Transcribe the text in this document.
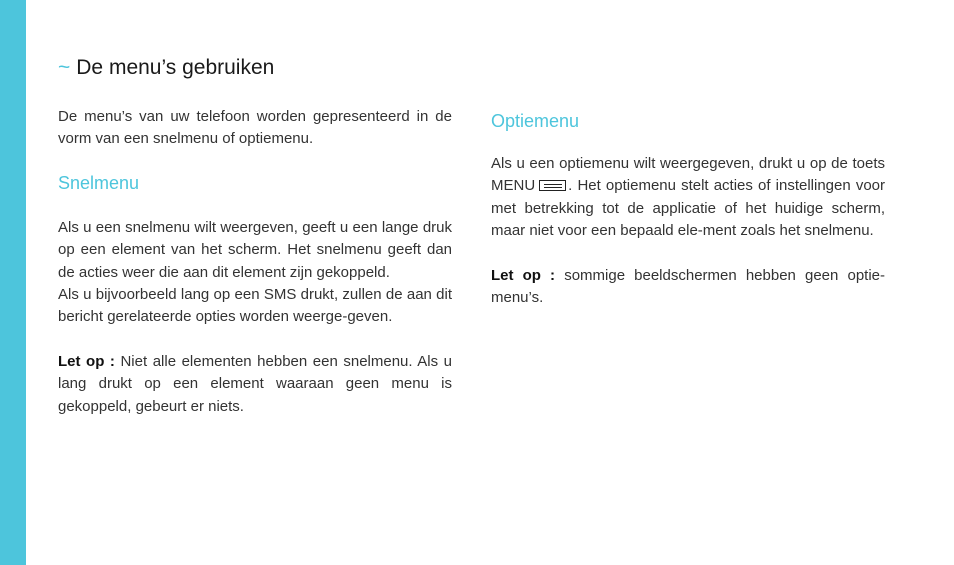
~ De menu’s gebruiken

De menu’s van uw telefoon worden gepresenteerd in de vorm van een snelmenu of optiemenu.

Snelmenu

Als u een snelmenu wilt weergeven, geeft u een lange druk op een element van het scherm. Het snelmenu geeft dan de acties weer die aan dit element zijn gekoppeld.

Als u bijvoorbeeld lang op een SMS drukt, zullen de aan dit bericht gerelateerde opties worden weerge-geven.

Let op : Niet alle elementen hebben een snelmenu. Als u lang drukt op een element waaraan geen menu is gekoppeld, gebeurt er niets.

Optiemenu

Als u een optiemenu wilt weergegeven, drukt u op de toets MENU . Het optiemenu stelt acties of instellingen voor met betrekking tot de applicatie of het huidige scherm, maar niet voor een bepaald ele-ment zoals het snelmenu.

Let op : sommige beeldschermen hebben geen optie-menu’s.
